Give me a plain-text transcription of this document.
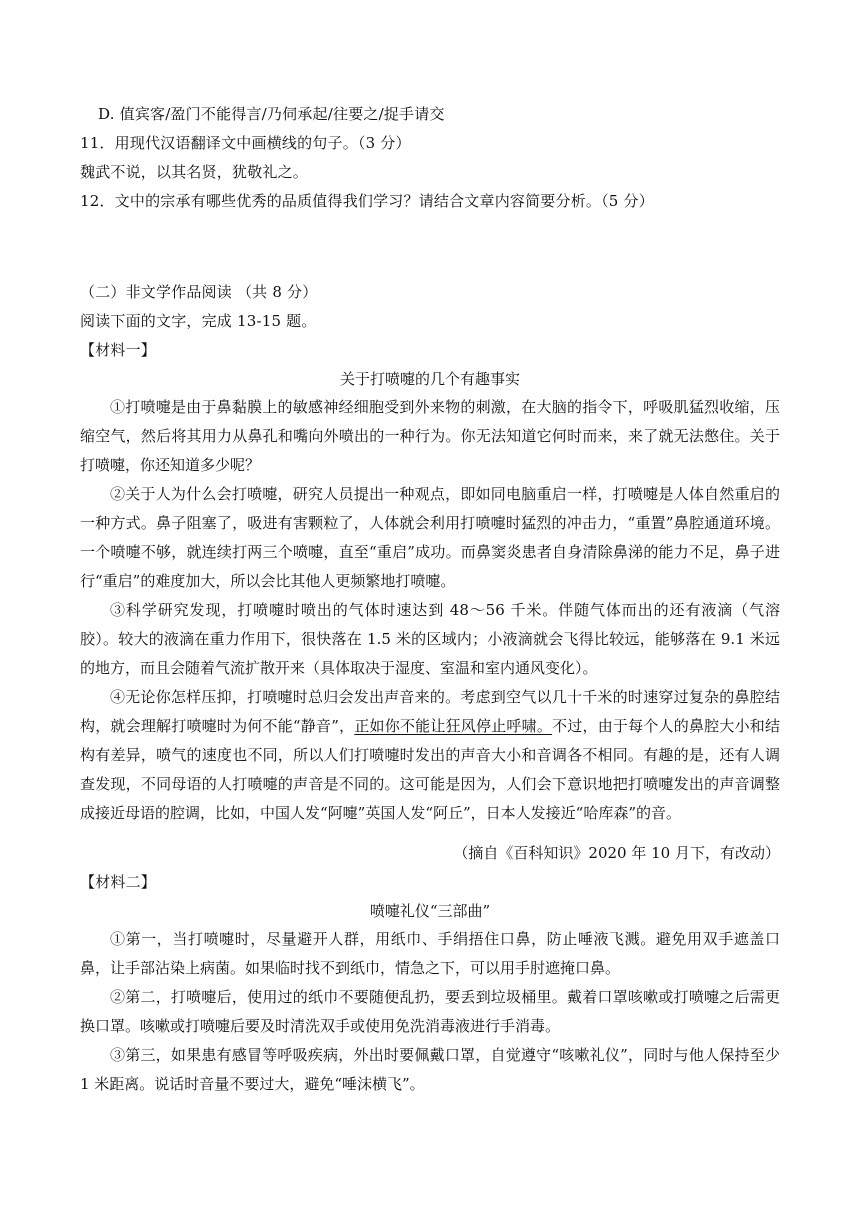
D. 值宾客/盈门不能得言/乃伺承起/往要之/捉手请交
11．用现代汉语翻译文中画横线的句子。（3 分）
魏武不说，以其名贤，犹敬礼之。
12．文中的宗承有哪些优秀的品质值得我们学习？请结合文章内容简要分析。（5 分）
（二）非文学作品阅读 （共 8 分）
阅读下面的文字，完成 13-15 题。
【材料一】
关于打喷嚏的几个有趣事实

①打喷嚏是由于鼻黏膜上的敏感神经细胞受到外来物的刺激，在大脑的指令下，呼吸肌猛烈收缩，压缩空气，然后将其用力从鼻孔和嘴向外喷出的一种行为。你无法知道它何时而来，来了就无法憋住。关于打喷嚏，你还知道多少呢？

②关于人为什么会打喷嚏，研究人员提出一种观点，即如同电脑重启一样，打喷嚏是人体自然重启的一种方式。鼻子阻塞了，吸进有害颗粒了，人体就会利用打喷嚏时猛烈的冲击力，“重置”鼻腔通道环境。一个喷嚏不够，就连续打两三个喷嚏，直至“重启”成功。而鼻窦炎患者自身清除鼻涕的能力不足，鼻子进行“重启”的难度加大，所以会比其他人更频繁地打喷嚏。

③科学研究发现，打喷嚏时喷出的气体时速达到 48～56 千米。伴随气体而出的还有液滴（气溶胶）。较大的液滴在重力作用下，很快落在 1.5 米的区域内；小液滴就会飞得比较远，能够落在 9.1 米远的地方，而且会随着气流扩散开来（具体取决于湿度、室温和室内通风变化）。

④无论你怎样压抑，打喷嚏时总归会发出声音来的。考虑到空气以几十千米的时速穿过复杂的鼻腔结构，就会理解打喷嚏时为何不能“静音”，正如你不能让狂风停止呼啸。不过，由于每个人的鼻腔大小和结构有差异，喷气的速度也不同，所以人们打喷嚏时发出的声音大小和音调各不相同。有趣的是，还有人调查发现，不同母语的人打喷嚏的声音是不同的。这可能是因为，人们会下意识地把打喷嚏发出的声音调整成接近母语的腔调，比如，中国人发“阿嚏”英国人发“阿丘”，日本人发接近“哈库森”的音。

（摘自《百科知识》2020 年 10 月下，有改动）
【材料二】
喷嚏礼仪“三部曲”

①第一，当打喷嚏时，尽量避开人群，用纸巾、手绢捂住口鼻，防止唾液飞溅。避免用双手遮盖口鼻，让手部沾染上病菌。如果临时找不到纸巾，情急之下，可以用手肘遮掩口鼻。

②第二，打喷嚏后，使用过的纸巾不要随便乱扔，要丢到垃圾桶里。戴着口罩咳嗽或打喷嚏之后需更换口罩。咳嗽或打喷嚏后要及时清洗双手或使用免洗消毒液进行手消毒。

③第三，如果患有感冒等呼吸疾病，外出时要佩戴口罩，自觉遵守“咳嗽礼仪”，同时与他人保持至少 1 米距离。说话时音量不要过大，避免“唾沫横飞”。
